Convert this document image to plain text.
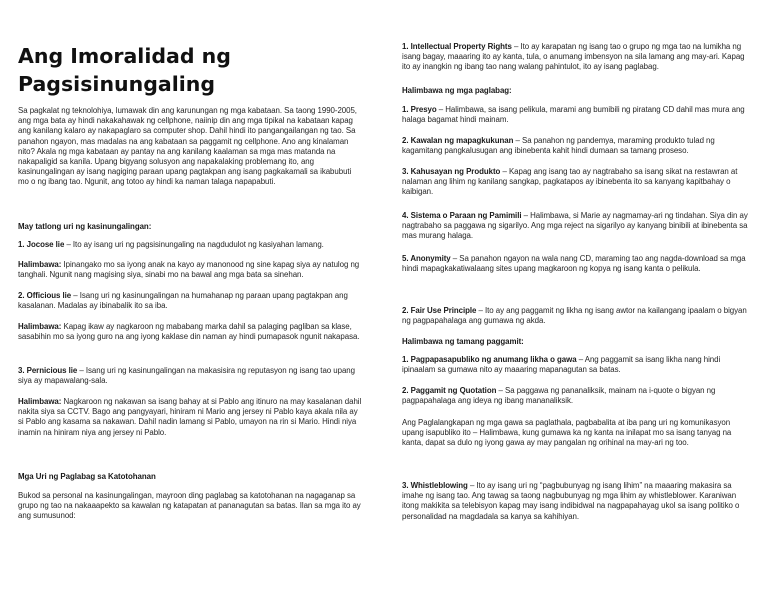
Ang Imoralidad ng Pagsisinungaling

Sa pagkalat ng teknolohiya, lumawak din ang karunungan ng mga kabataan. Sa taong 1990-2005, ang mga bata ay hindi nakakahawak ng cellphone, naiinip din ang mga tipikal na kabataan kapag ang kanilang kalaro ay nakapaglaro sa computer shop. Dahil hindi ito pangangailangan ng tao. Sa panahon ngayon, mas madalas na ang kabataan sa paggamit ng cellphone. Ano ang kinalaman nito? Akala ng mga kabataan ay pantay na ang kanilang kaalaman sa mga mas matanda na nakapaligid sa kanila. Upang bigyang solusyon ang napakalaking problemang ito, ang kasinungalingan ay isang nagiging paraan upang pagtakpan ang isang pagkakamali sa ikabubuti mo o ng ibang tao. Ngunit, ang totoo ay hindi ka naman talaga napapabuti.

May tatlong uri ng kasinungalingan:

1. Jocose lie – Ito ay isang uri ng pagsisinungaling na nagdudulot ng kasiyahan lamang.

Halimbawa: Ipinangako mo sa iyong anak na kayo ay manonood ng sine kapag siya ay natulog ng tanghali. Ngunit nang magising siya, sinabi mo na bawal ang mga bata sa sinehan.

2. Officious lie – Isang uri ng kasinungalingan na humahanap ng paraan upang pagtakpan ang kasalanan. Madalas ay ibinabalik ito sa iba.

Halimbawa: Kapag ikaw ay nagkaroon ng mababang marka dahil sa palaging pagliban sa klase, sasabihin mo sa iyong guro na ang iyong kaklase din naman ay hindi pumapasok ngunit nakapasa.

3. Pernicious lie – Isang uri ng kasinungalingan na makasisira ng reputasyon ng isang tao upang siya ay mapawalang-sala.

Halimbawa: Nagkaroon ng nakawan sa isang bahay at si Pablo ang itinuro na may kasalanan dahil nakita siya sa CCTV. Bago ang pangyayari, hiniram ni Mario ang jersey ni Pablo kaya akala nila ay si Pablo ang kasama sa nakawan. Dahil nadin lamang si Pablo, umayon na rin si Mario. Hindi niya inamin na hiniram niya ang jersey ni Pablo.

Mga Uri ng Paglabag sa Katotohanan

Bukod sa personal na kasinungalingan, mayroon ding paglabag sa katotohanan na nagaganap sa grupo ng tao na nakaaapekto sa kawalan ng katapatan at pananagutan sa batas. Ilan sa mga ito ay ang sumusunod:

1. Intellectual Property Rights – Ito ay karapatan ng isang tao o grupo ng mga tao na lumikha ng isang bagay, maaaring ito ay kanta, tula, o anumang imbensyon na sila lamang ang may-ari. Kapag ito ay inangkin ng ibang tao nang walang pahintulot, ito ay isang paglabag.

Halimbawa ng mga paglabag:

1. Presyo – Halimbawa, sa isang pelikula, marami ang bumibili ng piratang CD dahil mas mura ang halaga bagamat hindi mainam.

2. Kawalan ng mapagkukunan – Sa panahon ng pandemya, maraming produkto tulad ng kagamitang pangkalusugan ang ibinebenta kahit hindi dumaan sa tamang proseso.

3. Kahusayan ng Produkto – Kapag ang isang tao ay nagtrabaho sa isang sikat na restawran at nalaman ang lihim ng kanilang sangkap, pagkatapos ay ibinebenta ito sa kanyang kapitbahay o kaibigan.

4. Sistema o Paraan ng Pamimili – Halimbawa, si Marie ay nagmamay-ari ng tindahan. Siya din ay nagtrabaho sa paggawa ng sigarilyo. Ang mga reject na sigarilyo ay kanyang binibili at ibinebenta sa mas murang halaga.

5. Anonymity – Sa panahon ngayon na wala nang CD, maraming tao ang nagda-download sa mga hindi mapagkakatiwalaang sites upang magkaroon ng kopya ng isang kanta o pelikula.

2. Fair Use Principle – Ito ay ang paggamit ng likha ng isang awtor na kailangang ipaalam o bigyan ng pagpapahalaga ang gumawa ng akda.

Halimbawa ng tamang paggamit:

1. Pagpapasapubliko ng anumang likha o gawa – Ang paggamit sa isang likha nang hindi ipinaalam sa gumawa nito ay maaaring mapanagutan sa batas.

2. Paggamit ng Quotation – Sa paggawa ng pananaliksik, mainam na i-quote o bigyan ng pagpapahalaga ang ideya ng ibang mananaliksik.

Ang Paglalangkapan ng mga gawa sa paglathala, pagbabalita at iba pang uri ng komunikasyon upang isapubliko ito – Halimbawa, kung gumawa ka ng kanta na inilapat mo sa isang tanyag na kanta, dapat sa dulo ng iyong gawa ay may pangalan ng orihinal na may-ari ng too.

3. Whistleblowing – Ito ay isang uri ng “pagbubunyag ng isang lihim” na maaaring makasira sa imahe ng isang tao. Ang tawag sa taong nagbubunyag ng mga lihim ay whistleblower. Karaniwan itong makikita sa telebisyon kapag may isang indibidwal na nagpapahayag ukol sa isang politiko o personalidad na magdadala sa kanya sa kahihiyan.
